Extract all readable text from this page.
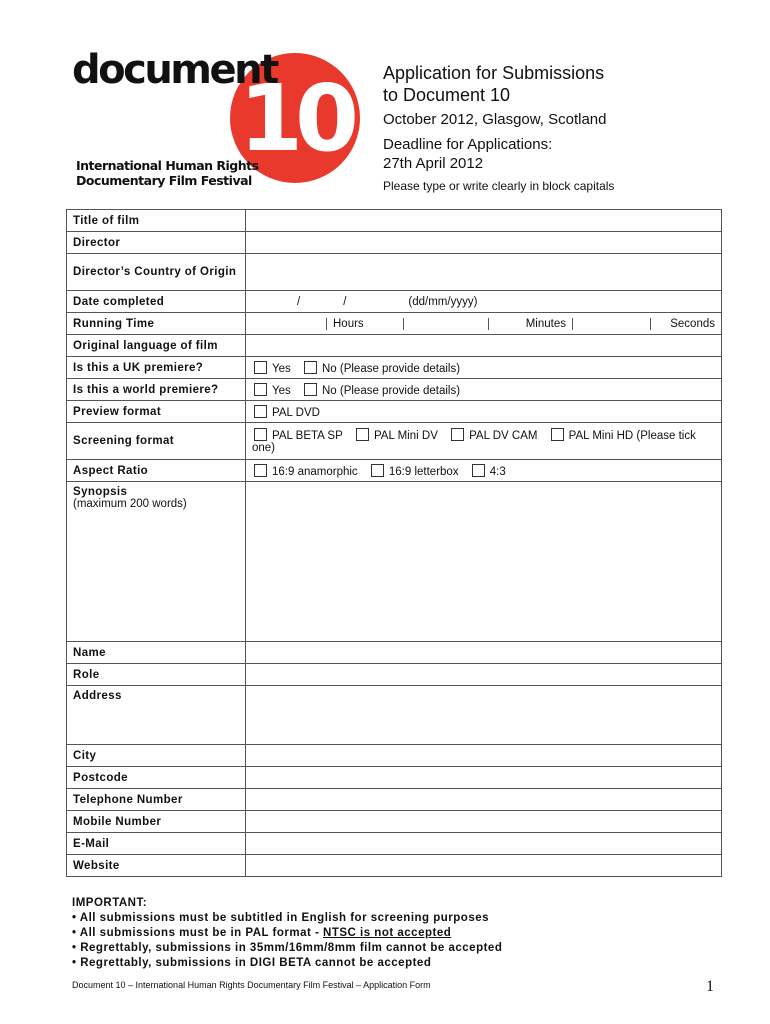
document
10
International Human Rights
Documentary Film Festival
Application for Submissions
to Document 10
October 2012, Glasgow, Scotland
Deadline for Applications:
27th April 2012
Please type or write clearly in block capitals
Title of film	
Director	
Director’s Country of Origin	
Date completed	/ / (dd/mm/yyyy)

Running Time	Hours Minutes Seconds

Original language of film	
Is this a UK premiere?	Yes No (Please provide details)
Is this a world premiere?	Yes No (Please provide details)
Preview format	PAL DVD
Screening format	PAL BETA SP PAL Mini DV PAL DV CAM PAL Mini HD (Please tick one)
Aspect Ratio	16:9 anamorphic 16:9 letterbox 4:3
Synopsis
(maximum 200 words)	

Name	
Role	
Address	
City	
Postcode	
Telephone Number	
Mobile Number	
E-Mail	
Website	
IMPORTANT:
• All submissions must be subtitled in English for screening purposes
• All submissions must be in PAL format - NTSC is not accepted
• Regrettably, submissions in 35mm/16mm/8mm film cannot be accepted
• Regrettably, submissions in DIGI BETA cannot be accepted
Document 10 – International Human Rights Documentary Film Festival – Application Form	1
